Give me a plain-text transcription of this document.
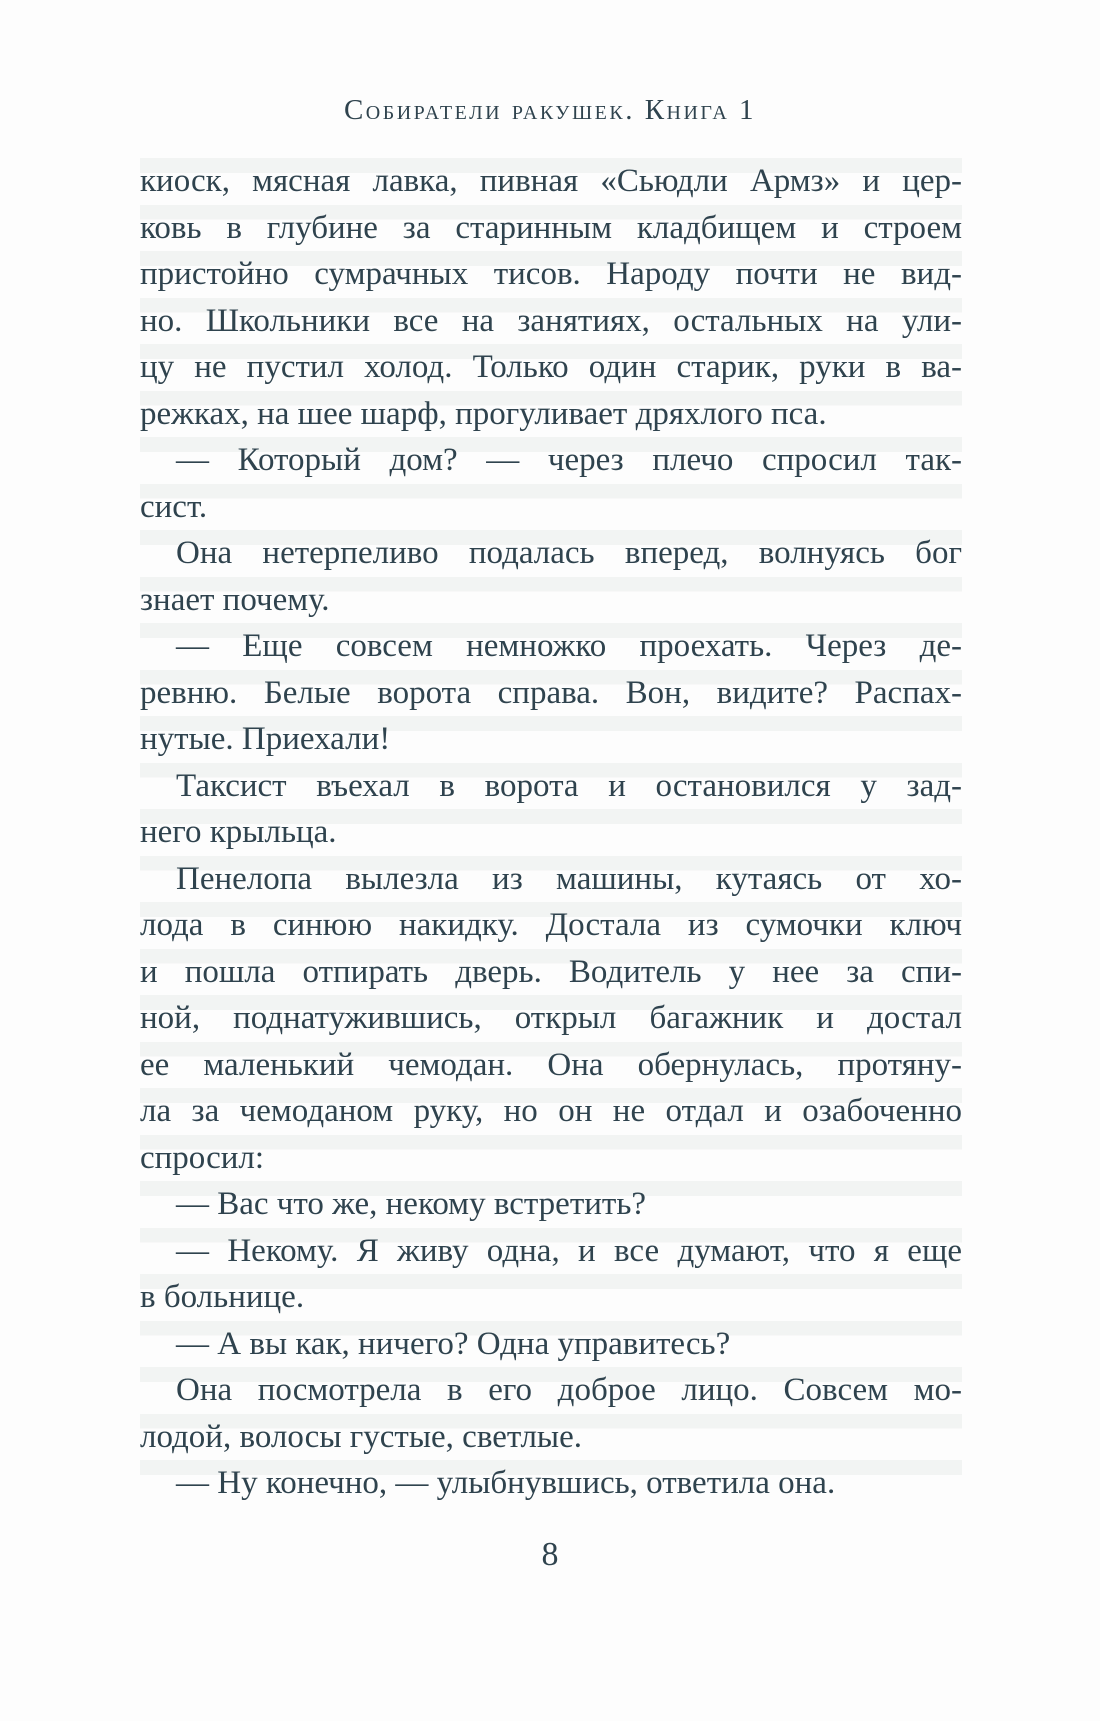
Собиратели ракушек. Книга 1
киоск, мясная лавка, пивная «Сьюдли Армз» и цер-
ковь в глубине за старинным кладбищем и строем
пристойно сумрачных тисов. Народу почти не вид-
но. Школьники все на занятиях, остальных на ули-
цу не пустил холод. Только один старик, руки в ва-
режках, на шее шарф, прогуливает дряхлого пса.
— Который дом? — через плечо спросил так-
сист.
Она нетерпеливо подалась вперед, волнуясь бог
знает почему.
— Еще совсем немножко проехать. Через де-
ревню. Белые ворота справа. Вон, видите? Распах-
нутые. Приехали!
Таксист въехал в ворота и остановился у зад-
него крыльца.
Пенелопа вылезла из машины, кутаясь от хо-
лода в синюю накидку. Достала из сумочки ключ
и пошла отпирать дверь. Водитель у нее за спи-
ной, поднатужившись, открыл багажник и достал
ее маленький чемодан. Она обернулась, протяну-
ла за чемоданом руку, но он не отдал и озабоченно
спросил:
— Вас что же, некому встретить?
— Некому. Я живу одна, и все думают, что я еще
в больнице.
— А вы как, ничего? Одна управитесь?
Она посмотрела в его доброе лицо. Совсем мо-
лодой, волосы густые, светлые.
— Ну конечно, — улыбнувшись, ответила она.
8
